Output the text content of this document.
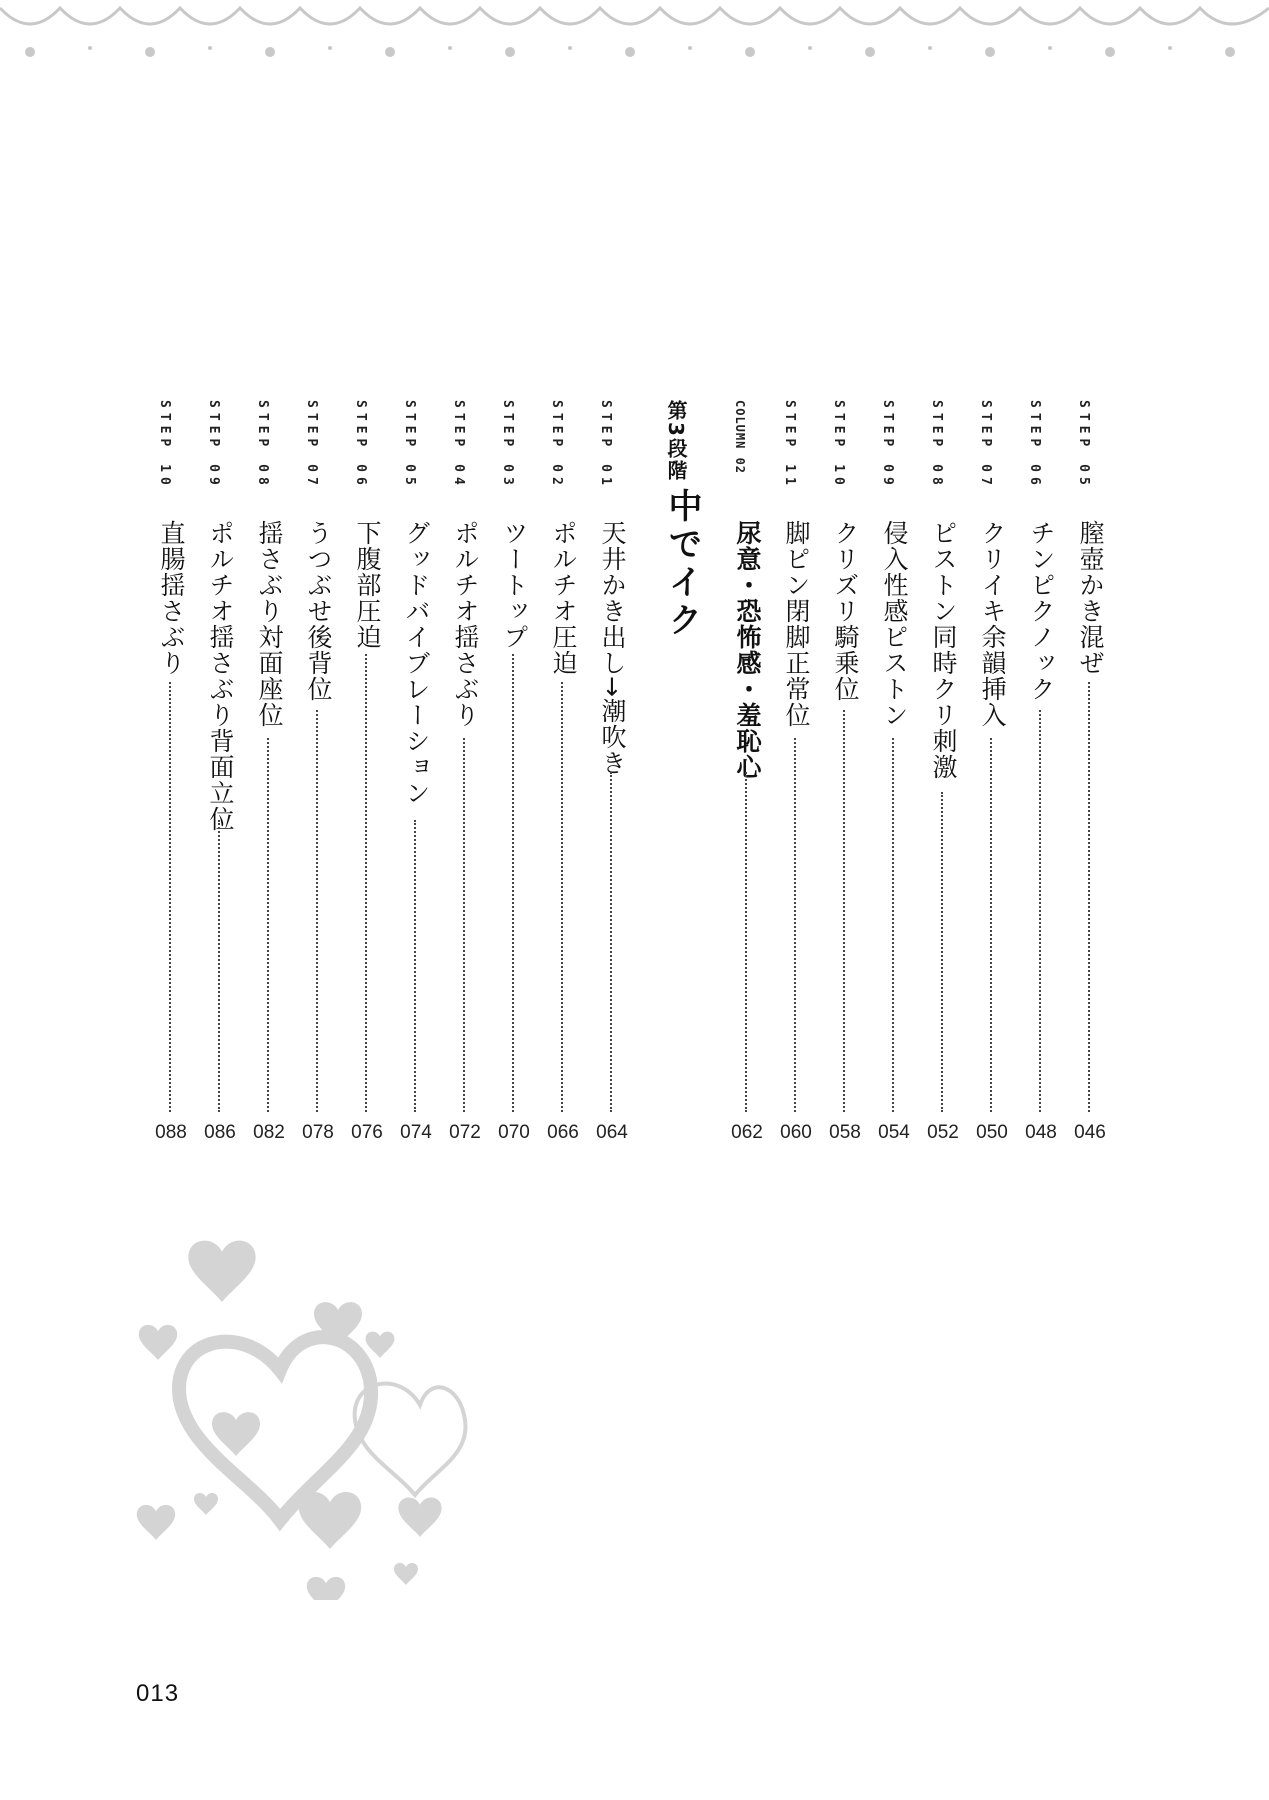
STEP 05
膣壺かき混ぜ
046
STEP 06
チンピクノック
048
STEP 07
クリイキ余韻挿入
050
STEP 08
ピストン同時クリ刺激
052
STEP 09
侵入性感ピストン
054
STEP 10
クリズリ騎乗位
058
STEP 11
脚ピン閉脚正常位
060
COLUMN 02
尿意・恐怖感・羞恥心
062
第3段階
中でイク
STEP 01
天井かき出し→潮吹き
064
STEP 02
ポルチオ圧迫
066
STEP 03
ツートップ
070
STEP 04
ポルチオ揺さぶり
072
STEP 05
グッドバイブレーション
074
STEP 06
下腹部圧迫
076
STEP 07
うつぶせ後背位
078
STEP 08
揺さぶり対面座位
082
STEP 09
ポルチオ揺さぶり背面立位
086
STEP 10
直腸揺さぶり
088
013
